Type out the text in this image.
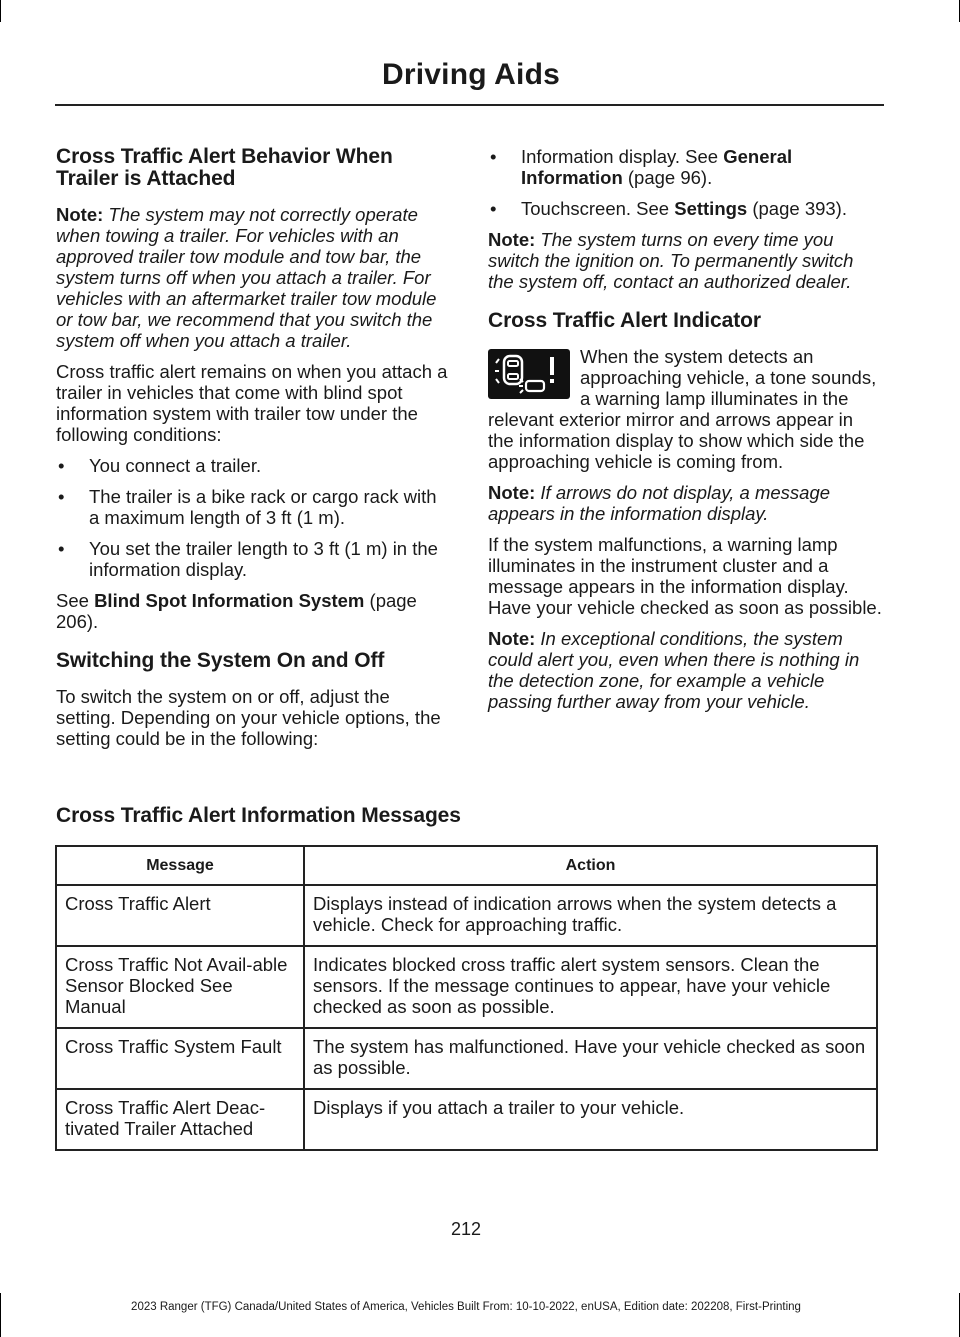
Driving Aids
Cross Traffic Alert Behavior When Trailer is Attached

Note: The system may not correctly operate when towing a trailer. For vehicles with an approved trailer tow module and tow bar, the system turns off when you attach a trailer. For vehicles with an aftermarket trailer tow module or tow bar, we recommend that you switch the system off when you attach a trailer.

Cross traffic alert remains on when you attach a trailer in vehicles that come with blind spot information system with trailer tow under the following conditions:

• You connect a trailer.
• The trailer is a bike rack or cargo rack with a maximum length of 3 ft (1 m).
• You set the trailer length to 3 ft (1 m) in the information display.

See Blind Spot Information System (page 206).

Switching the System On and Off

To switch the system on or off, adjust the setting. Depending on your vehicle options, the setting could be in the following:

• Information display. See General Information (page 96).
• Touchscreen. See Settings (page 393).

Note: The system turns on every time you switch the ignition on. To permanently switch the system off, contact an authorized dealer.

Cross Traffic Alert Indicator

When the system detects an approaching vehicle, a tone sounds, a warning lamp illuminates in the relevant exterior mirror and arrows appear in the information display to show which side the approaching vehicle is coming from.

Note: If arrows do not display, a message appears in the information display.

If the system malfunctions, a warning lamp illuminates in the instrument cluster and a message appears in the information display. Have your vehicle checked as soon as possible.

Note: In exceptional conditions, the system could alert you, even when there is nothing in the detection zone, for example a vehicle passing further away from your vehicle.

Cross Traffic Alert Information Messages
Message	Action
Cross Traffic Alert	Displays instead of indication arrows when the system detects a vehicle. Check for approaching traffic.
Cross Traffic Not Avail-able Sensor Blocked See Manual	Indicates blocked cross traffic alert system sensors. Clean the sensors. If the message continues to appear, have your vehicle checked as soon as possible.
Cross Traffic System Fault	The system has malfunctioned. Have your vehicle checked as soon as possible.
Cross Traffic Alert Deac-tivated Trailer Attached	Displays if you attach a trailer to your vehicle.
212
2023 Ranger (TFG) Canada/United States of America, Vehicles Built From: 10-10-2022, enUSA, Edition date: 202208, First-Printing
